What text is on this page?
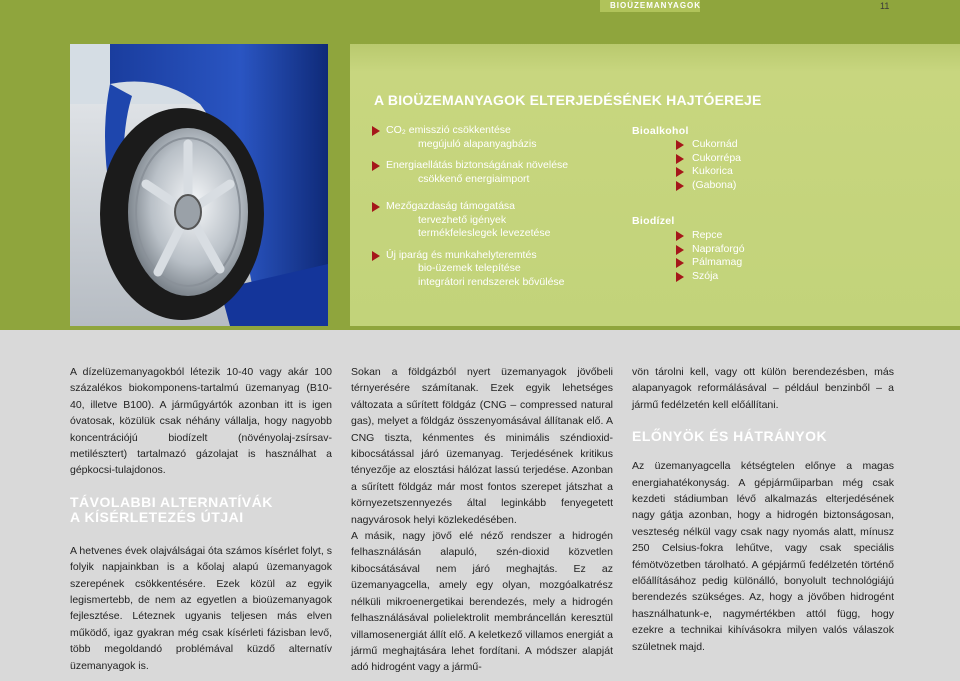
BIOÜZEMANYAGOK	11
A BIOÜZEMANYAGOK ELTERJEDÉSÉNEK HAJTÓEREJE
CO₂ emisszió csökkentése
megújuló alapanyagbázis
Energiaellátás biztonságának növelése
csökkenő energiaimport
Mezőgazdaság támogatása
tervezhető igények
termékfeleslegek levezetése
Új iparág és munkahelyteremtés
bio-üzemek telepítése
integrátori rendszerek bővülése
Bioalkohol
Cukornád
Cukorrépa
Kukorica
(Gabona)
Biodízel
Repce
Napraforgó
Pálmamag
Szója

A dízelüzemanyagokból létezik 10-40 vagy akár 100 százalékos biokomponens-tartalmú üzemanyag (B10-40, illetve B100). A járműgyártók azonban itt is igen óvatosak, közülük csak néhány vállalja, hogy nagyobb koncentrációjú biodízelt (növényolaj-zsírsav-metilésztert) tartalmazó gázolajat is használhat a gépkocsi-tulajdonos.

TÁVOLABBI ALTERNATÍVÁK
A KÍSÉRLETEZÉS ÚTJAI

A hetvenes évek olajválságai óta számos kísérlet folyt, s folyik napjainkban is a kőolaj alapú üzemanyagok szerepének csökkentésére. Ezek közül az egyik legismertebb, de nem az egyetlen a bioüzemanyagok fejlesztése. Léteznek ugyanis teljesen más elven működő, igaz gyakran még csak kísérleti fázisban levő, több megoldandó problémával küzdő alternatív üzemanyagok is.

Sokan a földgázból nyert üzemanyagok jövőbeli térnyerésére számítanak. Ezek egyik lehetséges változata a sűrített földgáz (CNG – compressed natural gas), melyet a földgáz összenyomásával állítanak elő. A CNG tiszta, kénmentes és minimális széndioxid-kibocsátással járó üzemanyag. Terjedésének kritikus tényezője az elosztási hálózat lassú terjedése. Azonban a sűrített földgáz már most fontos szerepet játszhat a környezetszennyezés által leginkább fenyegetett nagyvárosok helyi közlekedésében.

A másik, nagy jövő elé néző rendszer a hidrogén felhasználásán alapuló, szén-dioxid közvetlen kibocsátásával nem járó meghajtás. Ez az üzemanyagcella, amely egy olyan, mozgóalkatrész nélküli mikroenergetikai berendezés, mely a hidrogén felhasználásával polielektrolit membráncellán keresztül villamosenergiát állít elő. A keletkező villamos energiát a jármű meghajtására lehet fordítani. A módszer alapját adó hidrogént vagy a jármű-

vön tárolni kell, vagy ott külön berendezésben, más alapanyagok reformálásával – például benzinből – a jármű fedélzetén kell előállítani.

ELŐNYÖK ÉS HÁTRÁNYOK

Az üzemanyagcella kétségtelen előnye a magas energiahatékonyság. A gépjárműiparban még csak kezdeti stádiumban lévő alkalmazás elterjedésének nagy gátja azonban, hogy a hidrogén biztonságosan, veszteség nélkül vagy csak nagy nyomás alatt, mínusz 250 Celsius-fokra lehűtve, vagy csak speciális fémötvözetben tárolható. A gépjármű fedélzetén történő előállításához pedig különálló, bonyolult technológiájú berendezés szükséges. Az, hogy a jövőben hidrogént használhatunk-e, nagymértékben attól függ, hogy ezekre a technikai kihívásokra milyen valós válaszok születnek majd.
